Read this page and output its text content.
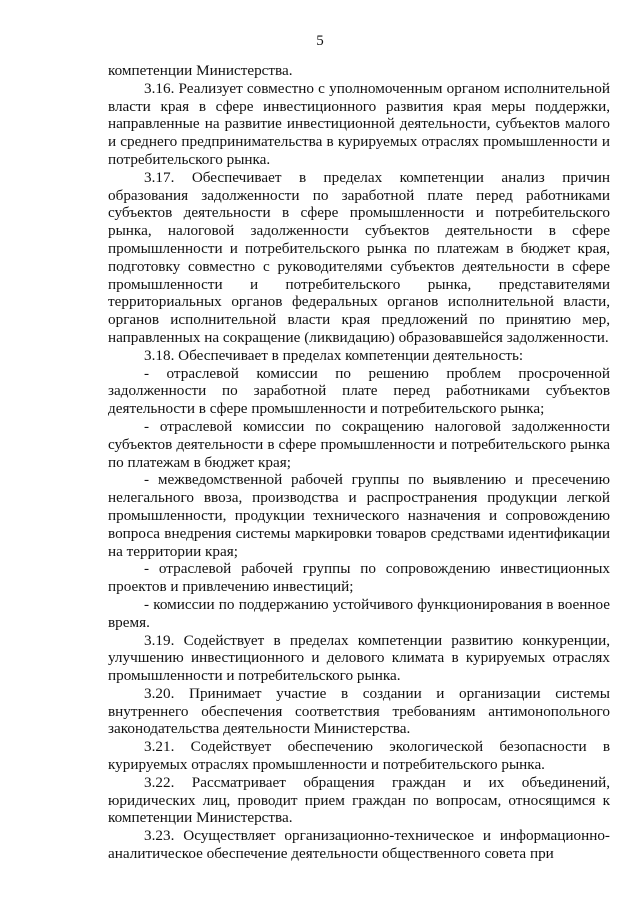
5

компетенции Министерства.

3.16. Реализует совместно с уполномоченным органом исполнительной власти края в сфере инвестиционного развития края меры поддержки, направленные на развитие инвестиционной деятельности, субъектов малого и среднего предпринимательства в курируемых отраслях промышленности и потребительского рынка.

3.17. Обеспечивает в пределах компетенции анализ причин образования задолженности по заработной плате перед работниками субъектов деятельности в сфере промышленности и потребительского рынка, налоговой задолженности субъектов деятельности в сфере промышленности и потребительского рынка по платежам в бюджет края, подготовку совместно с руководителями субъектов деятельности в сфере промышленности и потребительского рынка, представителями территориальных органов федеральных органов исполнительной власти, органов исполнительной власти края предложений по принятию мер, направленных на сокращение (ликвидацию) образовавшейся задолженности.

3.18. Обеспечивает в пределах компетенции деятельность:

- отраслевой комиссии по решению проблем просроченной задолженности по заработной плате перед работниками субъектов деятельности в сфере промышленности и потребительского рынка;

- отраслевой комиссии по сокращению налоговой задолженности субъектов деятельности в сфере промышленности и потребительского рынка по платежам в бюджет края;

- межведомственной рабочей группы по выявлению и пресечению нелегального ввоза, производства и распространения продукции легкой промышленности, продукции технического назначения и сопровождению вопроса внедрения системы маркировки товаров средствами идентификации на территории края;

- отраслевой рабочей группы по сопровождению инвестиционных проектов и привлечению инвестиций;

- комиссии по поддержанию устойчивого функционирования в военное время.

3.19. Содействует в пределах компетенции развитию конкуренции, улучшению инвестиционного и делового климата в курируемых отраслях промышленности и потребительского рынка.

3.20. Принимает участие в создании и организации системы внутреннего обеспечения соответствия требованиям антимонопольного законодательства деятельности Министерства.

3.21. Содействует обеспечению экологической безопасности в курируемых отраслях промышленности и потребительского рынка.

3.22. Рассматривает обращения граждан и их объединений, юридических лиц, проводит прием граждан по вопросам, относящимся к компетенции Министерства.

3.23. Осуществляет организационно-техническое и информационно-аналитическое обеспечение деятельности общественного совета при
